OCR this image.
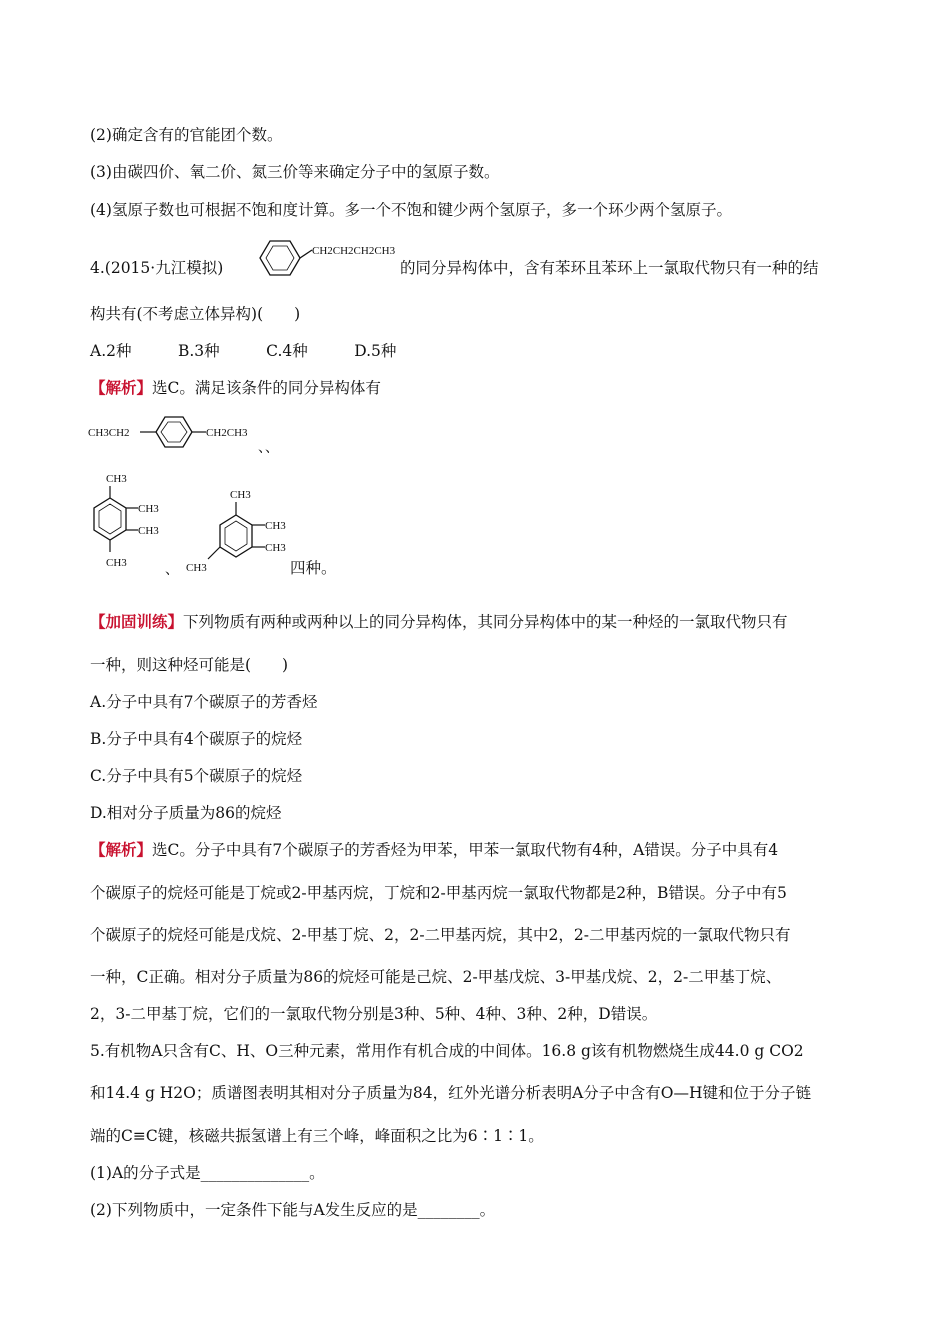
(2)确定含有的官能团个数。
(3)由碳四价、氧二价、氮三价等来确定分子中的氢原子数。
(4)氢原子数也可根据不饱和度计算。多一个不饱和键少两个氢原子，多一个环少两个氢原子。
4.(2015·九江模拟)
CH2CH2CH2CH3
的同分异构体中，含有苯环且苯环上一氯取代物只有一种的结
构共有(不考虑立体异构)(　　)
A.2种　　　B.3种　　　C.4种　　　D.5种
【解析】选C。满足该条件的同分异构体有
CH3CH2	CH2CH3
、、
CH3
CH3
CH3
CH3	、
CH3
CH3
CH3
CH3	四种。
【加固训练】下列物质有两种或两种以上的同分异构体，其同分异构体中的某一种烃的一氯取代物只有
一种，则这种烃可能是(　　)
A.分子中具有7个碳原子的芳香烃
B.分子中具有4个碳原子的烷烃
C.分子中具有5个碳原子的烷烃
D.相对分子质量为86的烷烃
【解析】选C。分子中具有7个碳原子的芳香烃为甲苯，甲苯一氯取代物有4种，A错误。分子中具有4
个碳原子的烷烃可能是丁烷或2-甲基丙烷，丁烷和2-甲基丙烷一氯取代物都是2种，B错误。分子中有5
个碳原子的烷烃可能是戊烷、2-甲基丁烷、2，2-二甲基丙烷，其中2，2-二甲基丙烷的一氯取代物只有
一种，C正确。相对分子质量为86的烷烃可能是己烷、2-甲基戊烷、3-甲基戊烷、2，2-二甲基丁烷、
2，3-二甲基丁烷，它们的一氯取代物分别是3种、5种、4种、3种、2种，D错误。
5.有机物A只含有C、H、O三种元素，常用作有机合成的中间体。16.8 g该有机物燃烧生成44.0 g CO2
和14.4 g H2O；质谱图表明其相对分子质量为84，红外光谱分析表明A分子中含有O—H键和位于分子链
端的C≡C键，核磁共振氢谱上有三个峰，峰面积之比为6∶1∶1。
(1)A的分子式是______________。
(2)下列物质中，一定条件下能与A发生反应的是________。
